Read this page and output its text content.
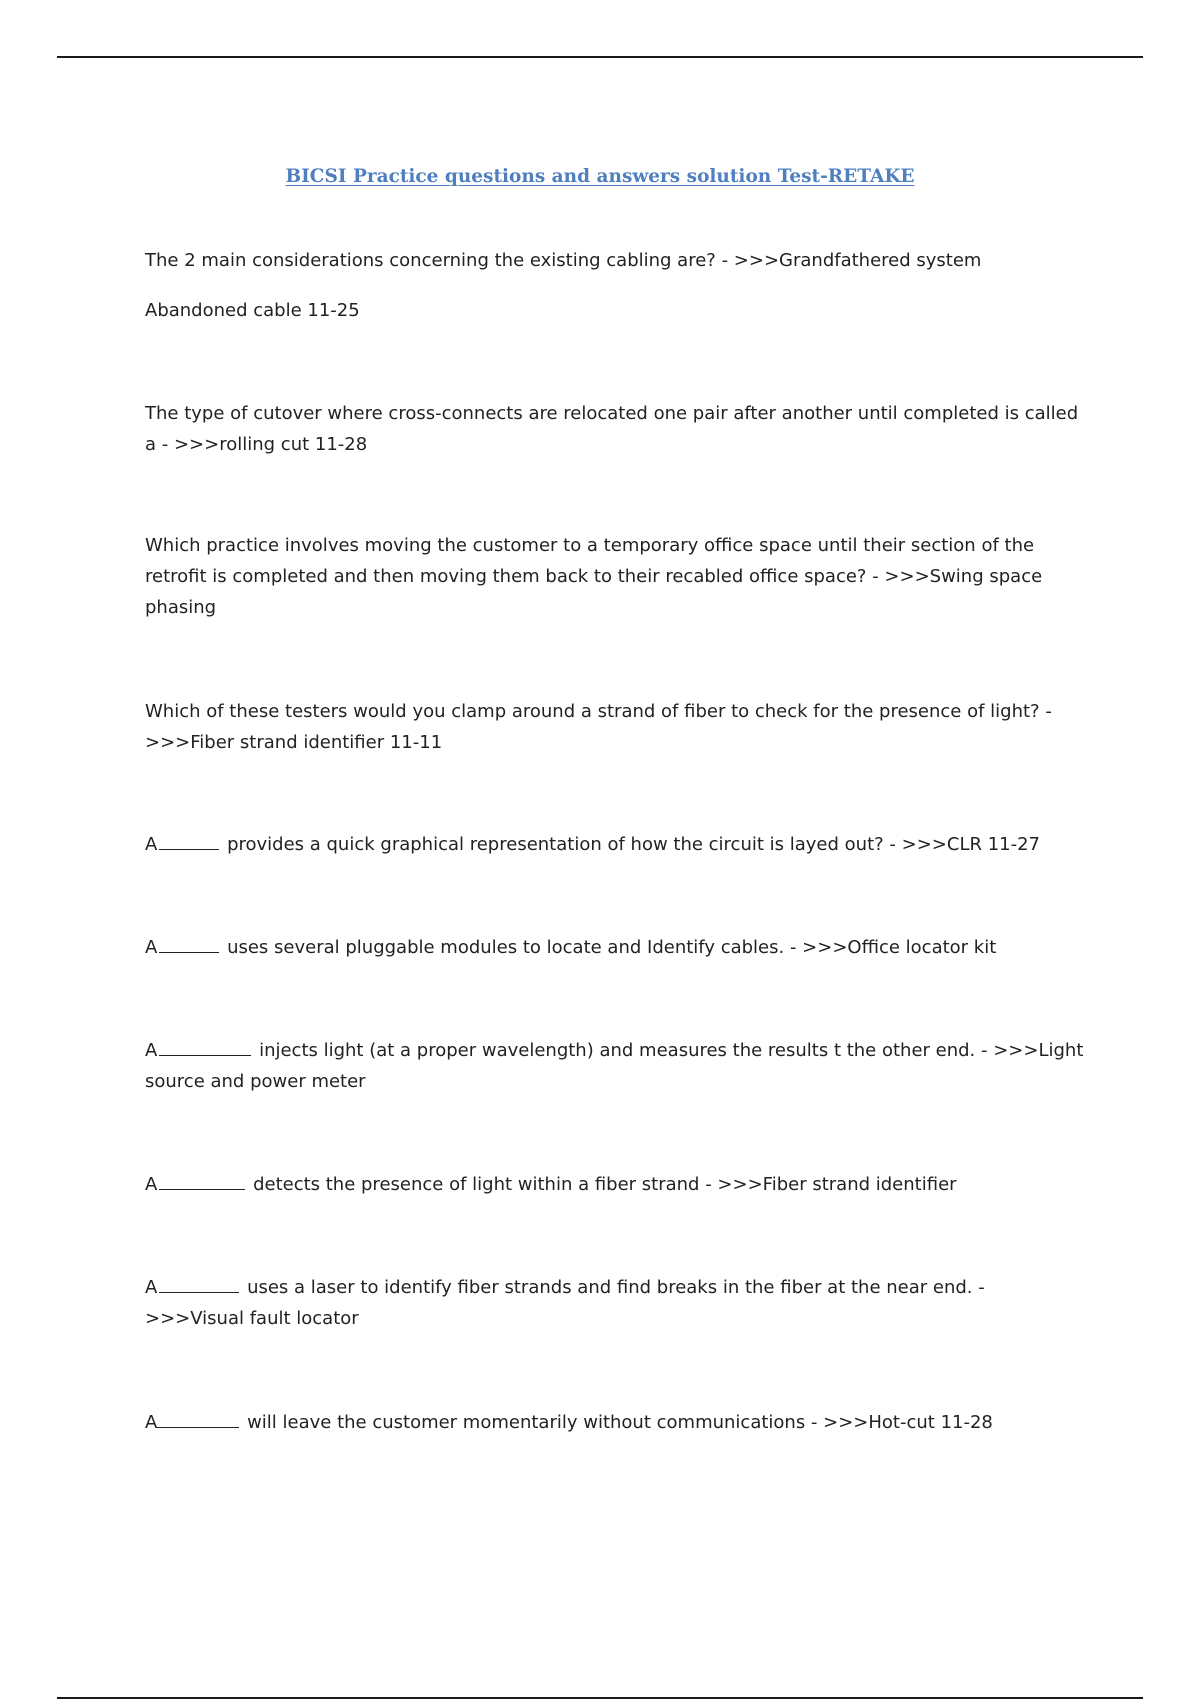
BICSI Practice questions and answers solution Test-RETAKE

The 2 main considerations concerning the existing cabling are? - >>>Grandfathered system

Abandoned cable 11-25

The type of cutover where cross-connects are relocated one pair after another until completed is called a - >>>rolling cut 11-28

Which practice involves moving the customer to a temporary office space until their section of the retrofit is completed and then moving them back to their recabled office space? - >>>Swing space phasing

Which of these testers would you clamp around a strand of fiber to check for the presence of light? - >>>Fiber strand identifier 11-11

A	provides a quick graphical representation of how the circuit is layed out? - >>>CLR 11-27

A	uses several pluggable modules to locate and Identify cables. - >>>Office locator kit

A	injects light (at a proper wavelength) and measures the results t the other end. - >>>Light source and power meter

A	detects the presence of light within a fiber strand - >>>Fiber strand identifier

A	uses a laser to identify fiber strands and find breaks in the fiber at the near end. - >>>Visual fault locator

A	will leave the customer momentarily without communications - >>>Hot-cut 11-28
